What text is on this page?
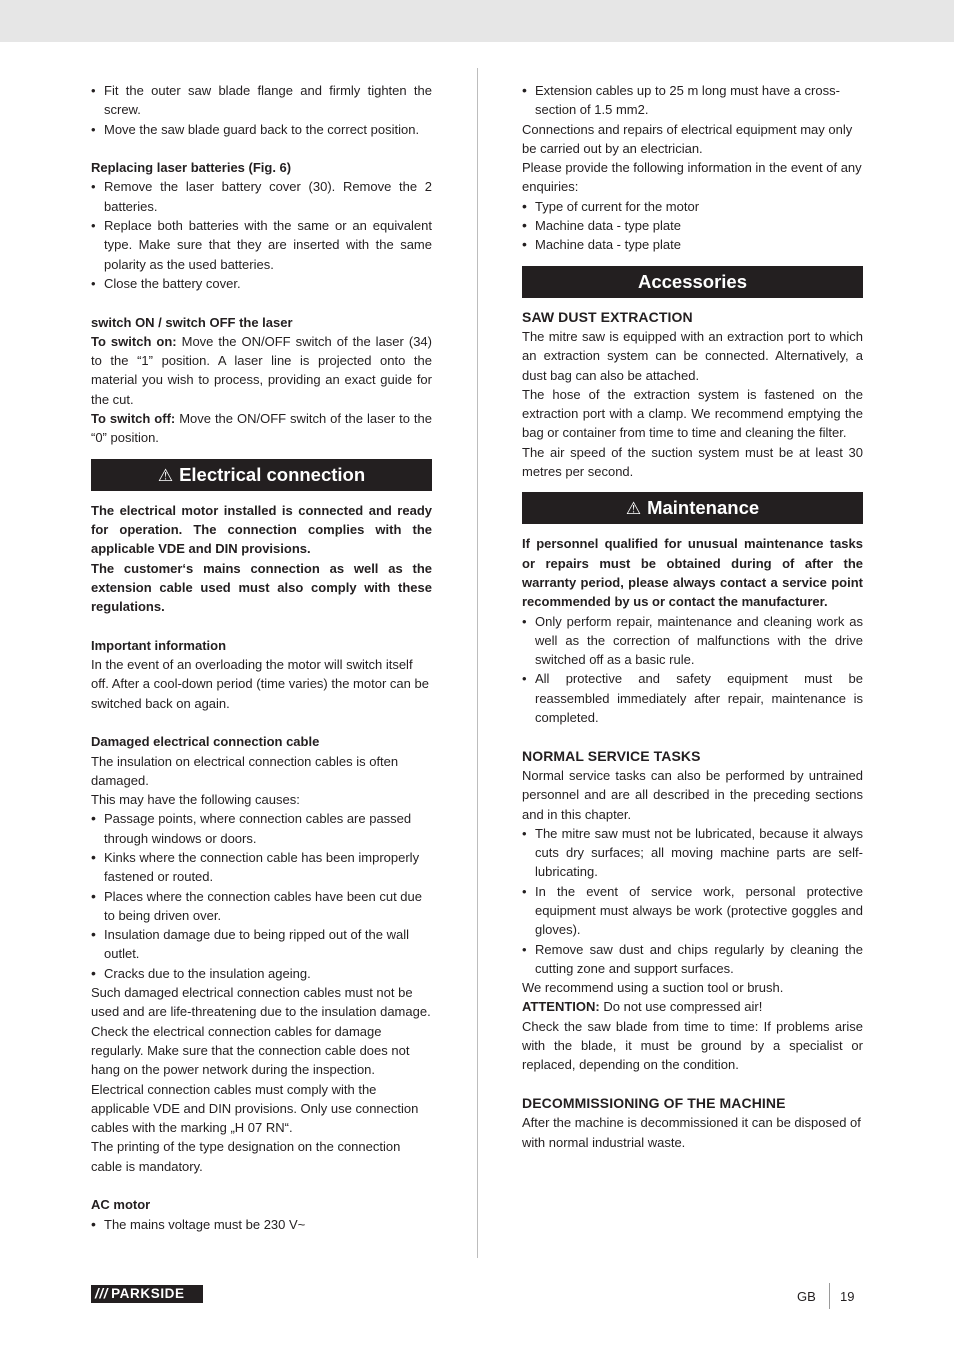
• Fit the outer saw blade flange and firmly tighten the screw.
• Move the saw blade guard back to the correct position.

Replacing laser batteries (Fig. 6)

• Remove the laser battery cover (30). Remove the 2 batteries.
• Replace both batteries with the same or an equivalent type. Make sure that they are inserted with the same polarity as the used batteries.
• Close the battery cover.

switch ON / switch OFF the laser

To switch on: Move the ON/OFF switch of the laser (34) to the “1” position. A laser line is projected onto the material you wish to process, providing an exact guide for the cut.

To switch off: Move the ON/OFF switch of the laser to the “0” position.

⚠ Electrical connection

The electrical motor installed is connected and ready for operation. The connection complies with the applicable VDE and DIN provisions.

The customer‘s mains connection as well as the extension cable used must also comply with these regulations.

Important information

In the event of an overloading the motor will switch itself off. After a cool-down period (time varies) the motor can be switched back on again.

Damaged electrical connection cable

The insulation on electrical connection cables is often damaged.

This may have the following causes:

• Passage points, where connection cables are passed through windows or doors.
• Kinks where the connection cable has been improperly fastened or routed.
• Places where the connection cables have been cut due to being driven over.
• Insulation damage due to being ripped out of the wall outlet.
• Cracks due to the insulation ageing.

Such damaged electrical connection cables must not be used and are life-threatening due to the insulation damage.

Check the electrical connection cables for damage regularly. Make sure that the connection cable does not hang on the power network during the inspection.

Electrical connection cables must comply with the applicable VDE and DIN provisions. Only use connection cables with the marking „H 07 RN“.

The printing of the type designation on the connection cable is mandatory.

AC motor

• The mains voltage must be 230 V~
• Extension cables up to 25 m long must have a cross-section of 1.5 mm2.

Connections and repairs of electrical equipment may only be carried out by an electrician.

Please provide the following information in the event of any enquiries:

• Type of current for the motor
• Machine data - type plate
• Machine data - type plate
Accessories

SAW DUST EXTRACTION

The mitre saw is equipped with an extraction port to which an extraction system can be connected. Alternatively, a dust bag can also be attached.

The hose of the extraction system is fastened on the extraction port with a clamp. We recommend emptying the bag or container from time to time and cleaning the filter.

The air speed of the suction system must be at least 30 metres per second.

⚠ Maintenance

If personnel qualified for unusual maintenance tasks or repairs must be obtained during of after the warranty period, please always contact a service point recommended by us or contact the manufacturer.

• Only perform repair, maintenance and cleaning work as well as the correction of malfunctions with the drive switched off as a basic rule.
• All protective and safety equipment must be reassembled immediately after repair, maintenance is completed.

NORMAL SERVICE TASKS

Normal service tasks can also be performed by untrained personnel and are all described in the preceding sections and in this chapter.

• The mitre saw must not be lubricated, because it always cuts dry surfaces; all moving machine parts are self-lubricating.
• In the event of service work, personal protective equipment must always be work (protective goggles and gloves).
• Remove saw dust and chips regularly by cleaning the cutting zone and support surfaces.

We recommend using a suction tool or brush.

ATTENTION: Do not use compressed air!

Check the saw blade from time to time: If problems arise with the blade, it must be ground by a specialist or replaced, depending on the condition.

DECOMMISSIONING OF THE MACHINE

After the machine is decommissioned it can be disposed of with normal industrial waste.

/// PARKSIDE	GB 19
